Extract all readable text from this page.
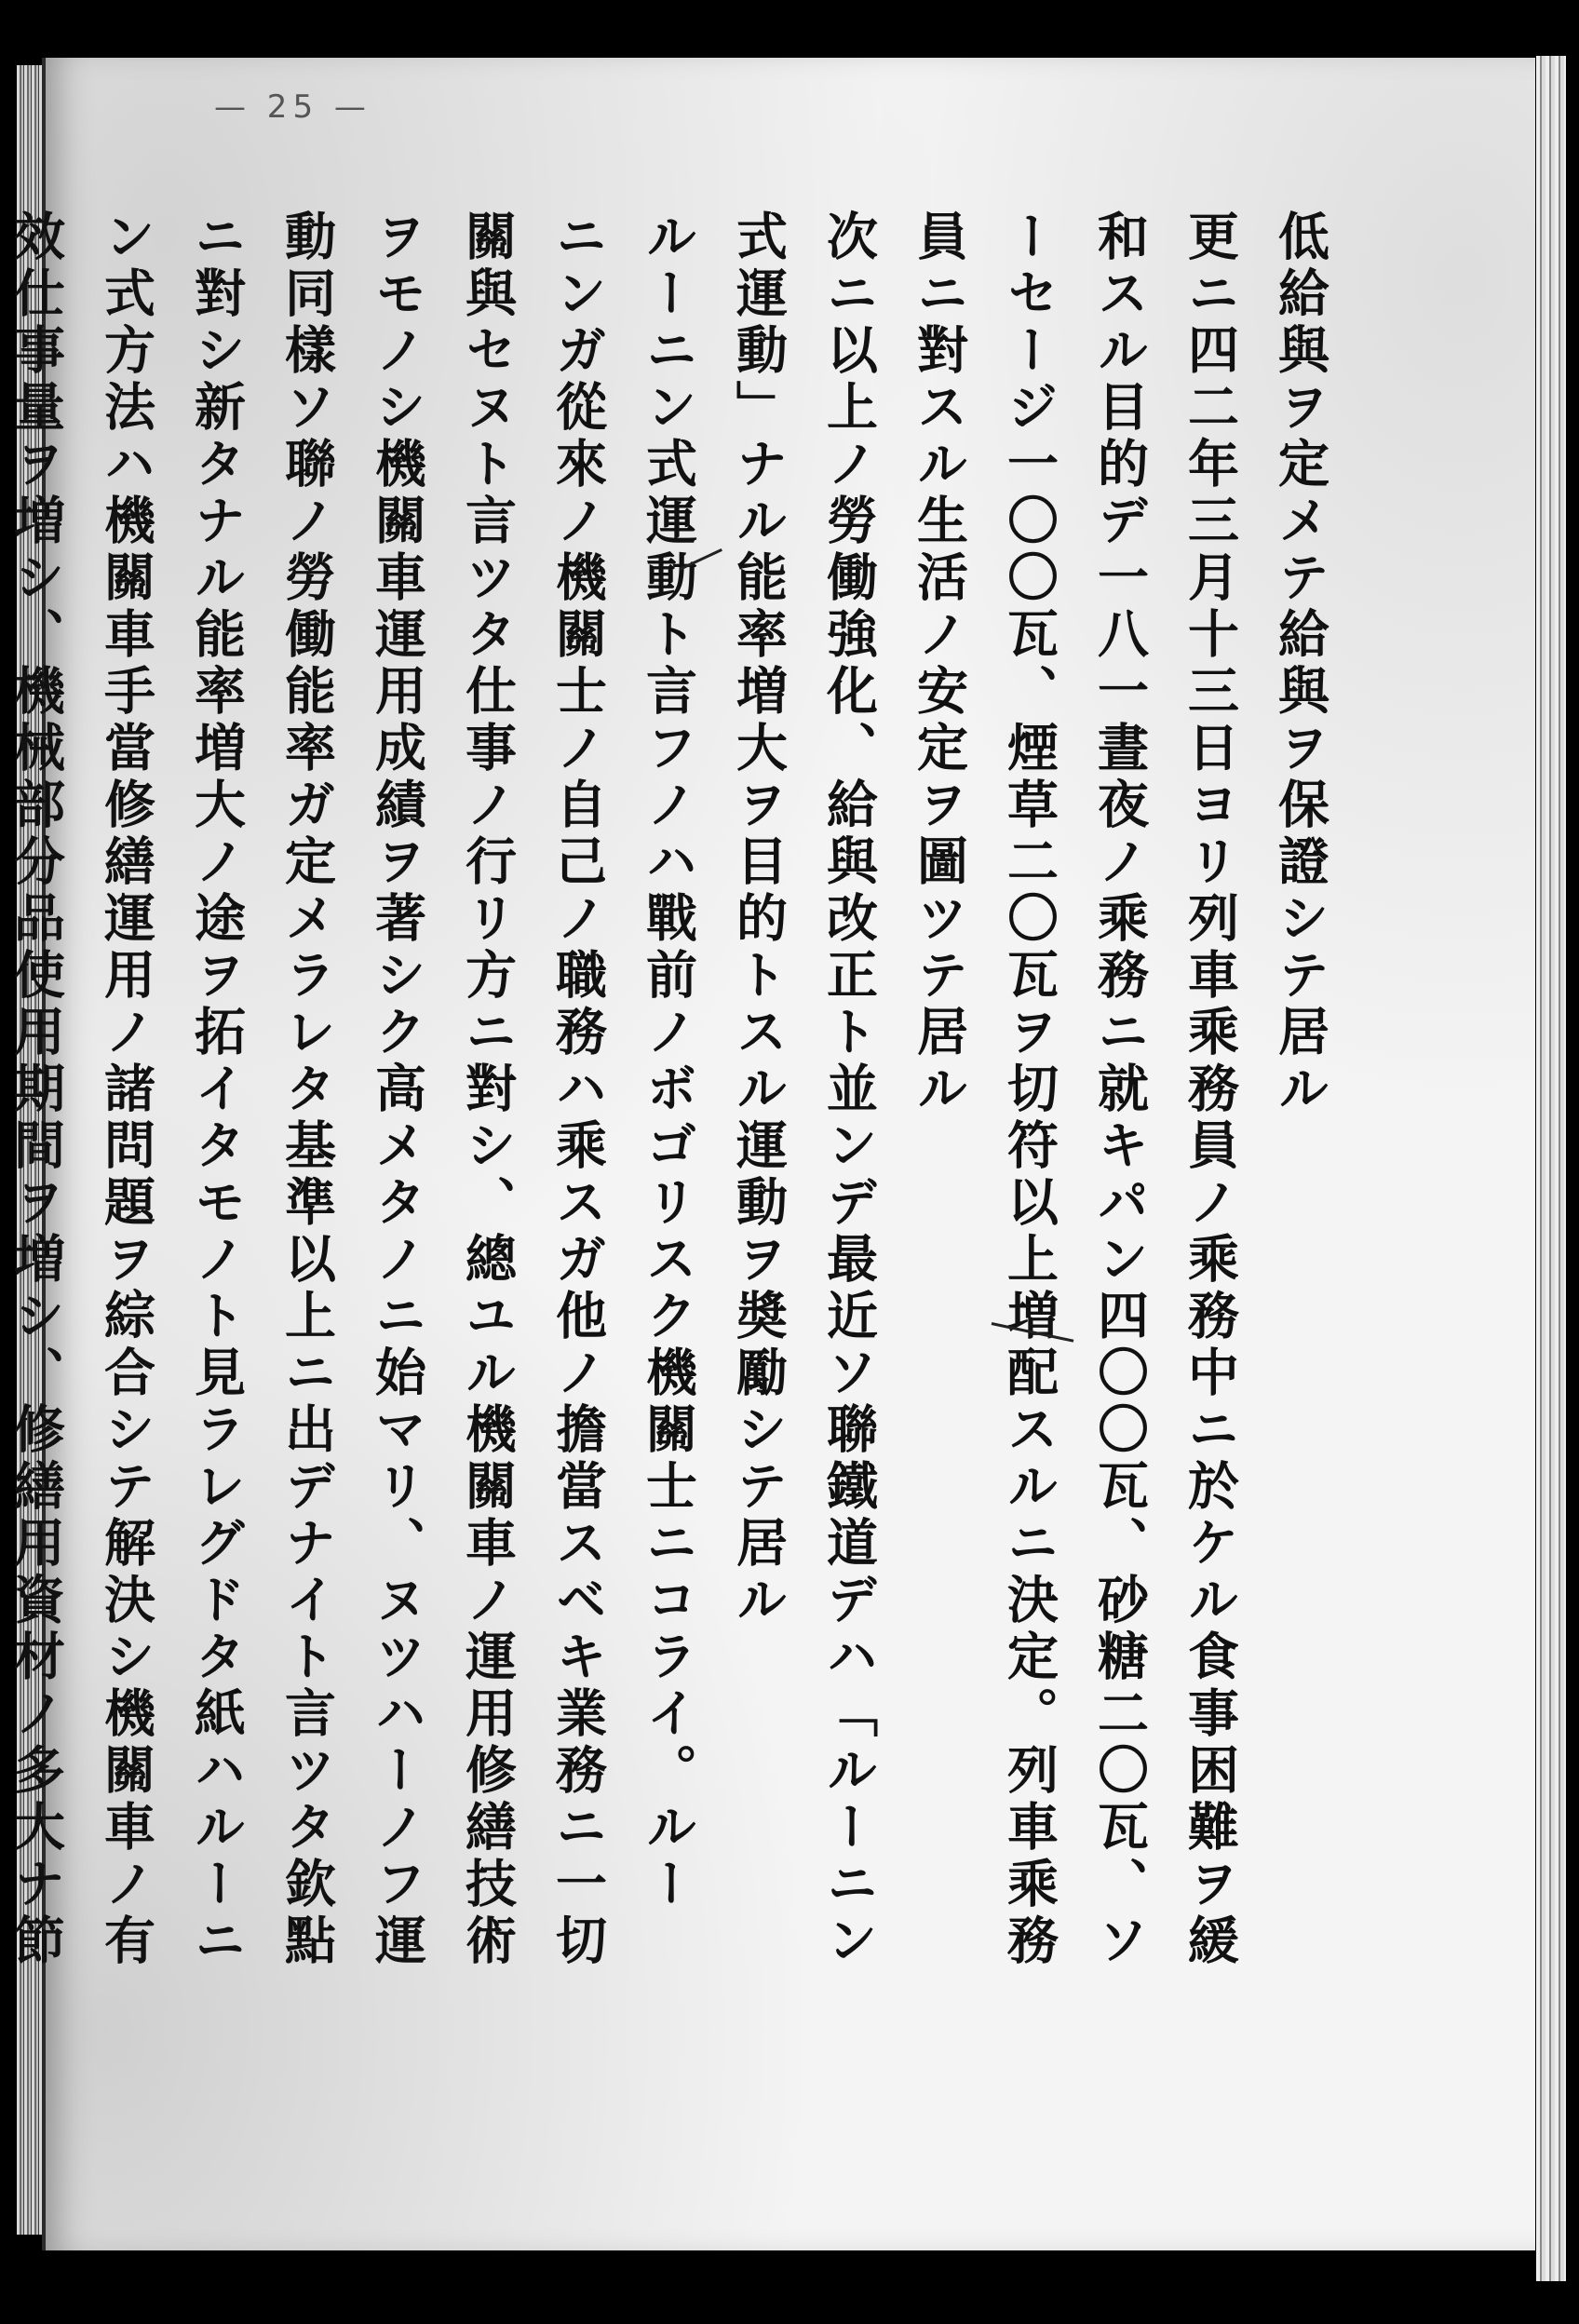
— 25 —
低給與ヲ定メテ給與ヲ保證シテ居ル
更ニ四二年三月十三日ヨリ列車乘務員ノ乘務中ニ於ケル食事困難ヲ緩
和スル目的デ一八一晝夜ノ乘務ニ就キパン四〇〇瓦、砂糖二〇瓦、ソ
ーセージ一〇〇瓦、煙草二〇瓦ヲ切符以上増配スルニ決定。列車乘務
員ニ對スル生活ノ安定ヲ圖ツテ居ル
次ニ以上ノ勞働強化、給與改正ト並ンデ最近ソ聯鐵道デハ「ルーニン
式運動」ナル能率増大ヲ目的トスル運動ヲ奬勵シテ居ル
ルーニン式運動ト言フノハ戰前ノボゴリスク機關士ニコライ。ルー
ニンガ從來ノ機關士ノ自己ノ職務ハ乘スガ他ノ擔當スベキ業務ニ一切
關與セヌト言ツタ仕事ノ行リ方ニ對シ、總ユル機關車ノ運用修繕技術
ヲモノシ機關車運用成績ヲ著シク高メタノニ始マリ、ヌツハーノフ運
動同樣ソ聯ノ勞働能率ガ定メラレタ基準以上ニ出デナイト言ツタ欽點
ニ對シ新タナル能率増大ノ途ヲ拓イタモノト見ラレグドタ紙ハルーニ
ン式方法ハ機關車手當修繕運用ノ諸問題ヲ綜合シテ解決シ機關車ノ有
效仕事量ヲ増シ、機械部分品使用期間ヲ増シ、修繕用資材ノ多大ナ節
